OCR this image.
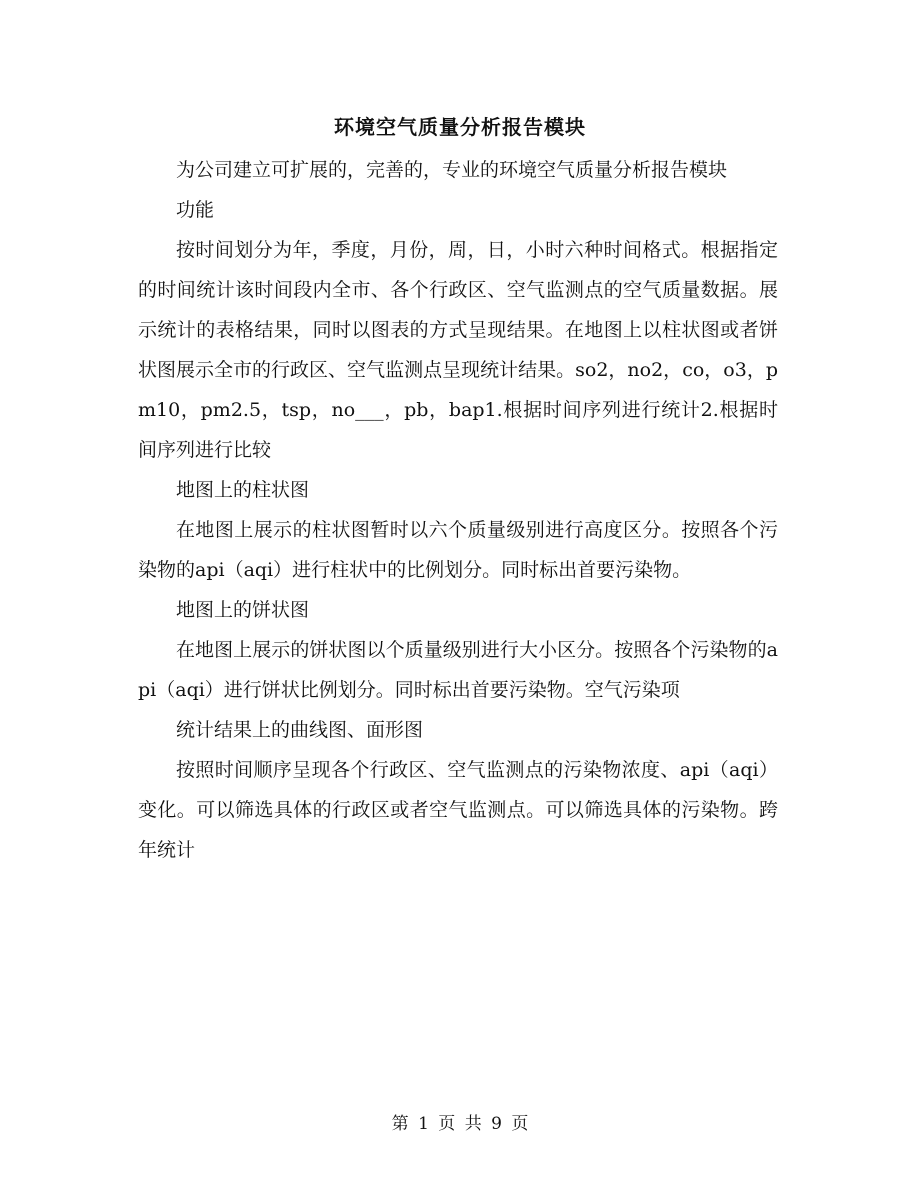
环境空气质量分析报告模块

为公司建立可扩展的，完善的，专业的环境空气质量分析报告模块

功能

按时间划分为年，季度，月份，周，日，小时六种时间格式。根据指定的时间统计该时间段内全市、各个行政区、空气监测点的空气质量数据。展示统计的表格结果，同时以图表的方式呈现结果。在地图上以柱状图或者饼状图展示全市的行政区、空气监测点呈现统计结果。so2，no2，co，o3，pm10，pm2.5，tsp，no___，pb，bap1.根据时间序列进行统计2.根据时间序列进行比较

地图上的柱状图

在地图上展示的柱状图暂时以六个质量级别进行高度区分。按照各个污染物的api（aqi）进行柱状中的比例划分。同时标出首要污染物。

地图上的饼状图

在地图上展示的饼状图以个质量级别进行大小区分。按照各个污染物的api（aqi）进行饼状比例划分。同时标出首要污染物。空气污染项

统计结果上的曲线图、面形图

按照时间顺序呈现各个行政区、空气监测点的污染物浓度、api（aqi）变化。可以筛选具体的行政区或者空气监测点。可以筛选具体的污染物。跨年统计

第 1 页 共 9 页
